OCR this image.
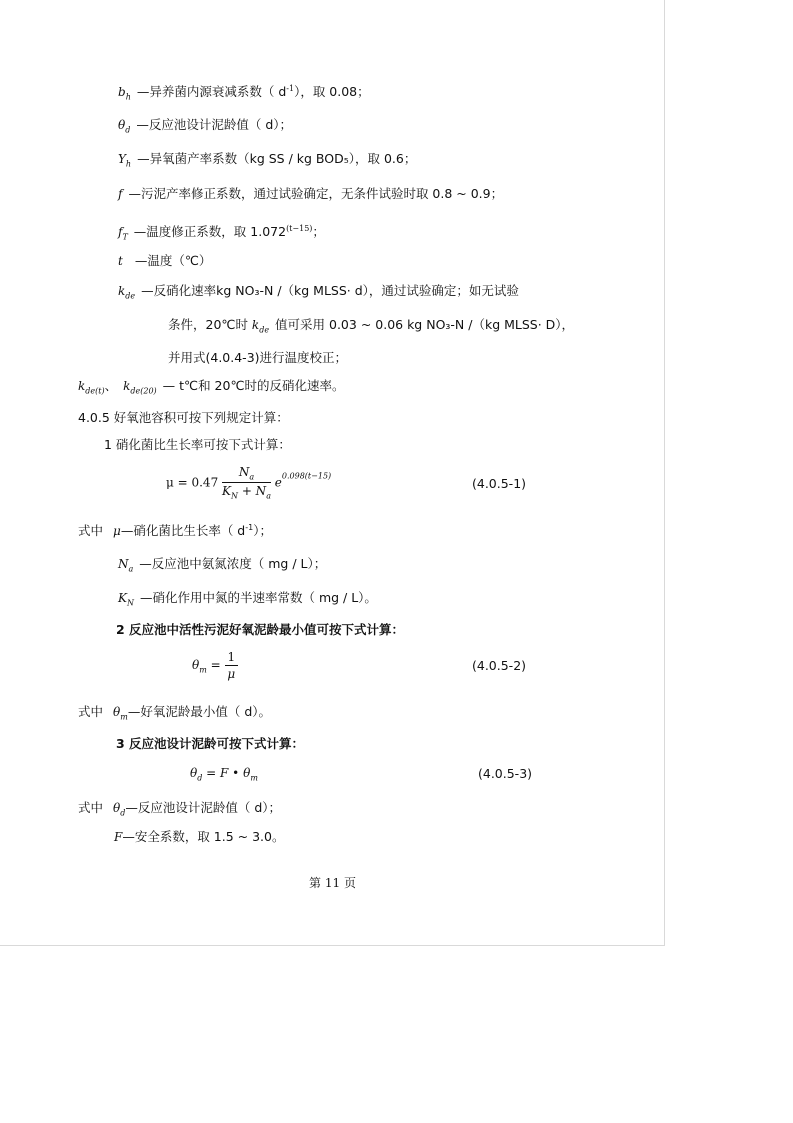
$b_h$ —异养菌内源衰减系数（ $d^{-1}$），取 0.08；
$\theta_d$ —反应池设计泥龄值（ d）；
$Y_h$ —异氧菌产率系数（kg SS / kg BOD₅），取 0.6；
f —污泥产率修正系数，通过试验确定，无条件试验时取 0.8 ~ 0.9；
$f_T$ —温度修正系数，取 $1.072^{(t-15)}$；
t —温度（℃）
$k_{de}$ —反硝化速率kg NO₃-N /（kg MLSS· d），通过试验确定；如无试验
条件，20℃时 $k_{de}$ 值可采用 0.03 ~ 0.06 kg NO₃-N /（kg MLSS· D），
并用式(4.0.4-3)进行温度校正；
$k_{de(t)}$、 $k_{de(20)}$ — t℃和 20℃时的反硝化速率。
4.0.5 好氧池容积可按下列规定计算：
1 硝化菌比生长率可按下式计算：
$\mu = 0.47 \frac{N_a}{K_N + N_a} e^{0.098(t-15)}$
(4.0.5-1)
式中 μ—硝化菌比生长率（ $d^{-1}$）；
$N_a$ —反应池中氨氮浓度（ mg / L）；
$K_N$ —硝化作用中氮的半速率常数（ mg / L）。
2 反应池中活性污泥好氧泥龄最小值可按下式计算：
$\theta_m = \frac{1}{\mu}$	(4.0.5-2)
式中 $\theta_m—$好氧泥龄最小值（ d）。
3 反应池设计泥龄可按下式计算：
$\theta_d = F$ • $\theta_m$	(4.0.5-3)
式中 $\theta_d—$反应池设计泥龄值（ d）；
F—安全系数，取 1.5 ~ 3.0。
第 11 页
